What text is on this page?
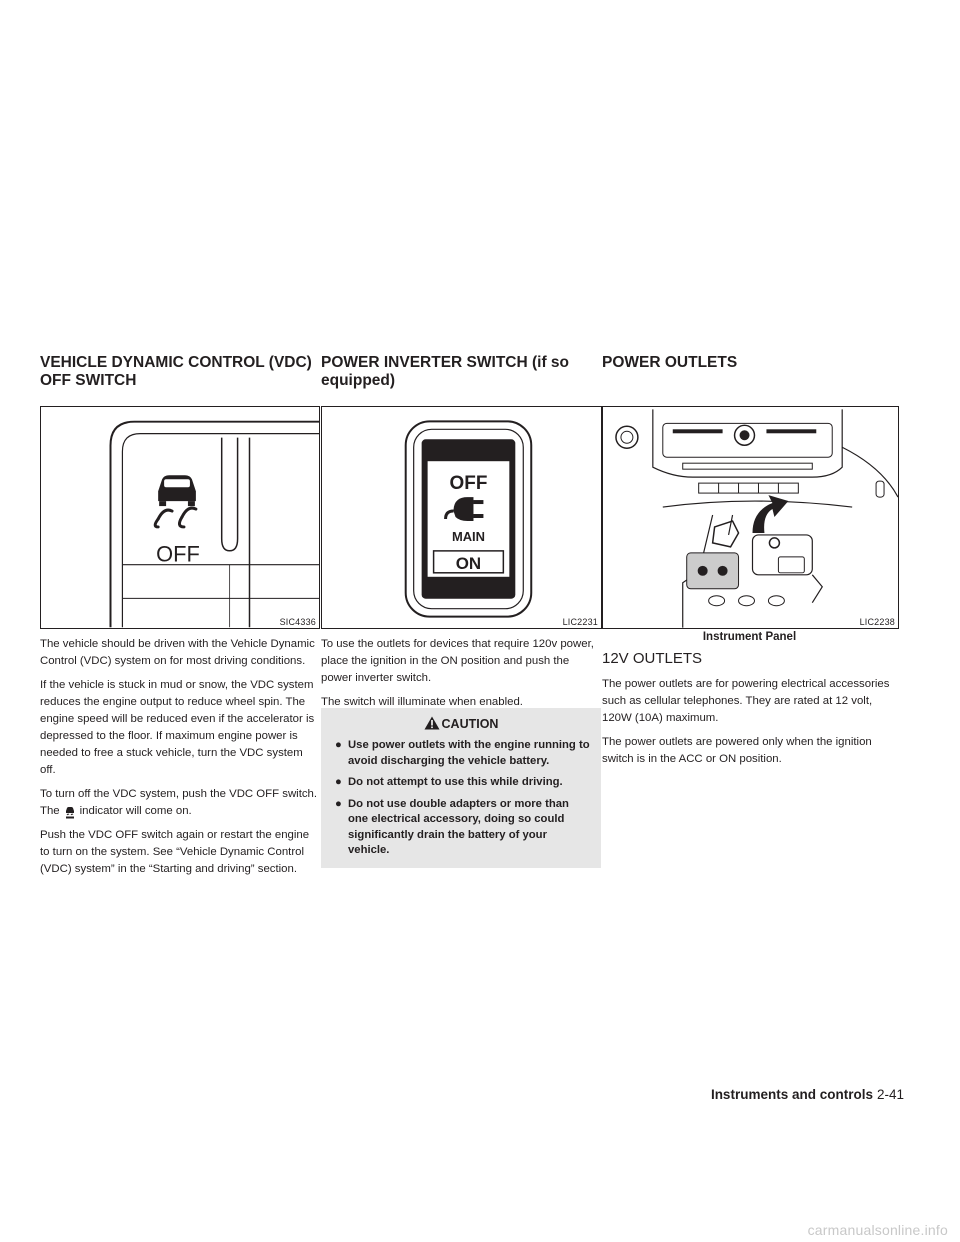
VEHICLE DYNAMIC CONTROL (VDC)
OFF SWITCH
POWER INVERTER SWITCH (if so
equipped)
POWER OUTLETS
OFF
SIC4336
OFF
MAIN
ON
LIC2231	LIC2238
Instrument Panel

The vehicle should be driven with the Vehicle Dynamic Control (VDC) system on for most driving conditions.

If the vehicle is stuck in mud or snow, the VDC system reduces the engine output to reduce wheel spin. The engine speed will be reduced even if the accelerator is depressed to the floor. If maximum engine power is needed to free a stuck vehicle, turn the VDC system off.

To turn off the VDC system, push the VDC OFF switch. The indicator will come on.

Push the VDC OFF switch again or restart the engine to turn on the system. See “Vehicle Dynamic Control (VDC) system” in the “Starting and driving” section.

To use the outlets for devices that require 120v power, place the ignition in the ON position and push the power inverter switch.

The switch will illuminate when enabled.

CAUTION
● Use power outlets with the engine running to avoid discharging the vehicle battery.
● Do not attempt to use this while driving.
● Do not use double adapters or more than one electrical accessory, doing so could significantly drain the battery of your vehicle.
12V OUTLETS

The power outlets are for powering electrical accessories such as cellular telephones. They are rated at 12 volt, 120W (10A) maximum.

The power outlets are powered only when the ignition switch is in the ACC or ON position.

Instruments and controls 2-41
carmanualsonline.info
